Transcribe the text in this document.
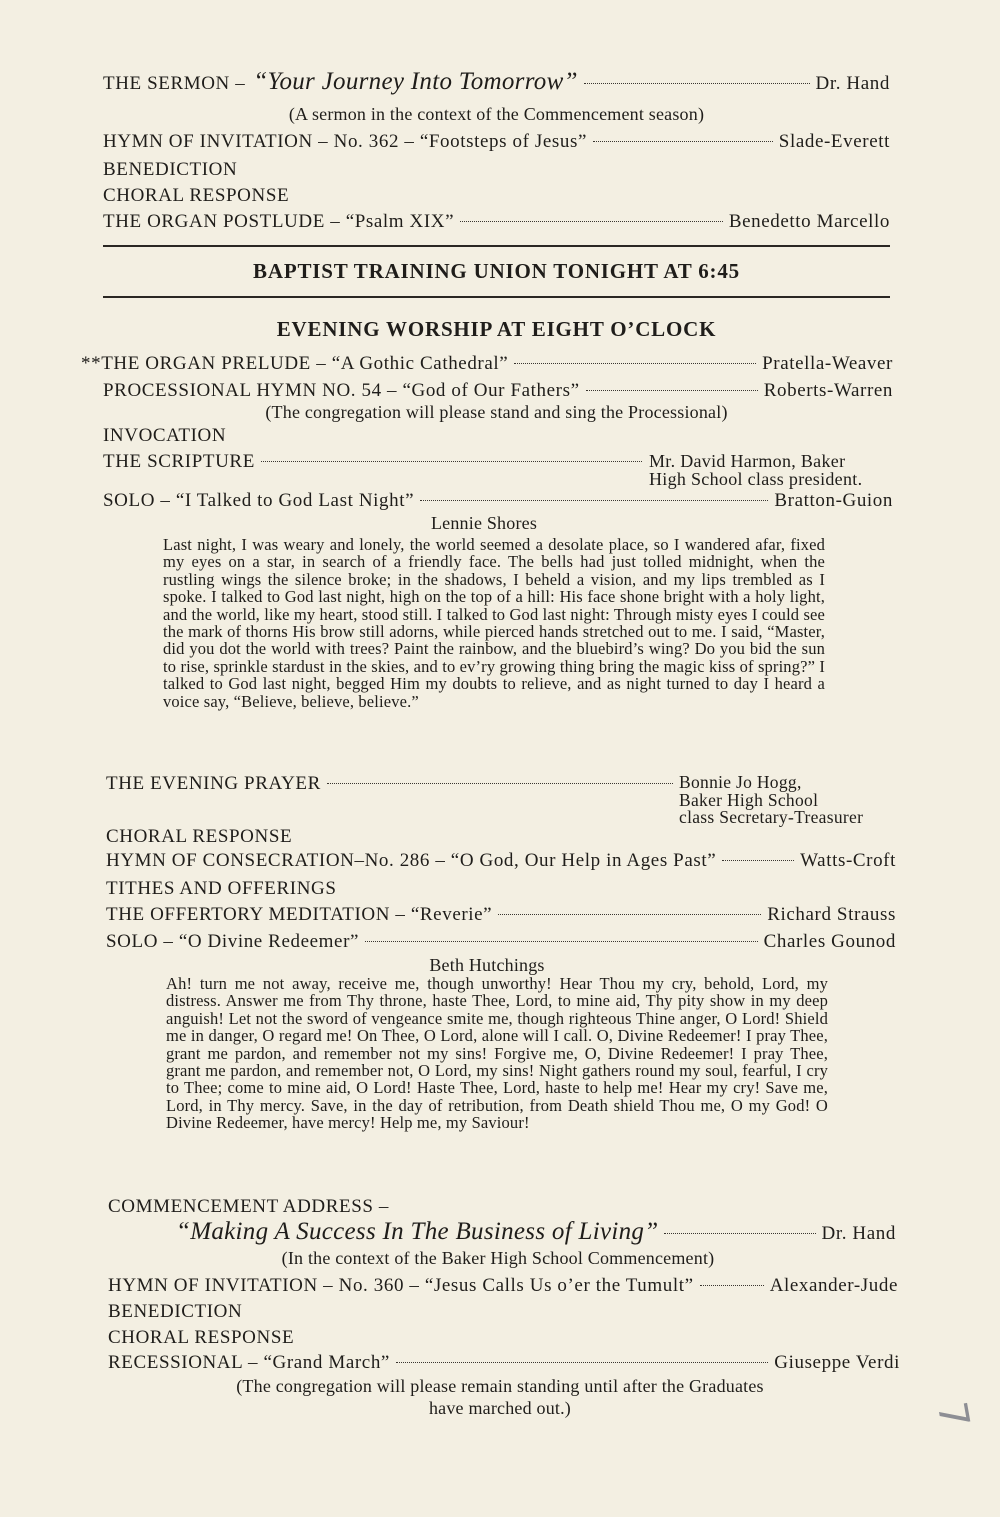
THE SERMON – “Your Journey Into Tomorrow”	Dr. Hand
(A sermon in the context of the Commencement season)
HYMN OF INVITATION – No. 362 – “Footsteps of Jesus”	Slade-Everett
BENEDICTION
CHORAL RESPONSE
THE ORGAN POSTLUDE – “Psalm XIX”	Benedetto Marcello
BAPTIST TRAINING UNION TONIGHT AT 6:45
EVENING WORSHIP AT EIGHT O’CLOCK
**THE ORGAN PRELUDE – “A Gothic Cathedral”	Pratella-Weaver
PROCESSIONAL HYMN NO. 54 – “God of Our Fathers”	Roberts-Warren
(The congregation will please stand and sing the Processional)
INVOCATION
THE SCRIPTURE	Mr. David Harmon, Baker
High School class president.
SOLO – “I Talked to God Last Night”	Bratton-Guion
Lennie Shores
Last night, I was weary and lonely, the world seemed a desolate place, so I wandered afar, fixed my eyes on a star, in search of a friendly face. The bells had just tolled midnight, when the rustling wings the silence broke; in the shadows, I beheld a vision, and my lips trembled as I spoke. I talked to God last night, high on the top of a hill: His face shone bright with a holy light, and the world, like my heart, stood still. I talked to God last night: Through misty eyes I could see the mark of thorns His brow still adorns, while pierced hands stretched out to me. I said, “Master, did you dot the world with trees? Paint the rainbow, and the bluebird’s wing? Do you bid the sun to rise, sprinkle stardust in the skies, and to ev’ry growing thing bring the magic kiss of spring?” I talked to God last night, begged Him my doubts to relieve, and as night turned to day I heard a voice say, “Believe, believe, believe.”
THE EVENING PRAYER	Bonnie Jo Hogg,
Baker High School
class Secretary-Treasurer
CHORAL RESPONSE
HYMN OF CONSECRATION–No. 286 – “O God, Our Help in Ages Past”	Watts-Croft
TITHES AND OFFERINGS
THE OFFERTORY MEDITATION – “Reverie”	Richard Strauss
SOLO – “O Divine Redeemer”	Charles Gounod
Beth Hutchings
Ah! turn me not away, receive me, though unworthy! Hear Thou my cry, behold, Lord, my distress. Answer me from Thy throne, haste Thee, Lord, to mine aid, Thy pity show in my deep anguish! Let not the sword of vengeance smite me, though righteous Thine anger, O Lord! Shield me in danger, O regard me! On Thee, O Lord, alone will I call. O, Divine Redeemer! I pray Thee, grant me pardon, and remember not my sins! Forgive me, O, Divine Redeemer! I pray Thee, grant me pardon, and remember not, O Lord, my sins! Night gathers round my soul, fearful, I cry to Thee; come to mine aid, O Lord! Haste Thee, Lord, haste to help me! Hear my cry! Save me, Lord, in Thy mercy. Save, in the day of retribution, from Death shield Thou me, O my God! O Divine Redeemer, have mercy! Help me, my Saviour!
COMMENCEMENT ADDRESS –
“Making A Success In The Business of Living”	Dr. Hand
(In the context of the Baker High School Commencement)
HYMN OF INVITATION – No. 360 – “Jesus Calls Us o’er the Tumult”	Alexander-Jude
BENEDICTION
CHORAL RESPONSE
RECESSIONAL – “Grand March”	Giuseppe Verdi
(The congregation will please remain standing until after the Graduates
have marched out.)	7
